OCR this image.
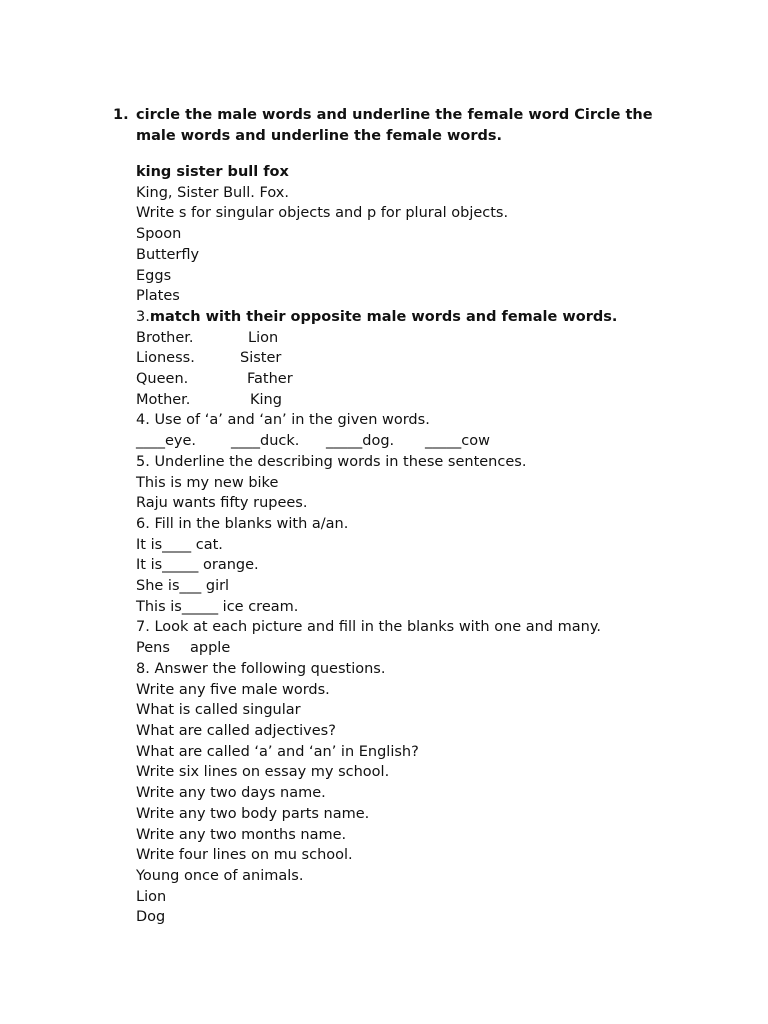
1. circle the male words and underline the female word Circle the male words and underline the female words.

king sister bull fox

King, Sister Bull. Fox.

Write s for singular objects and p for plural objects.

Spoon

Butterfly

Eggs

Plates

3.match with their opposite male words and female words.

Brother.	Lion

Lioness.	Sister

Queen.	Father

Mother.	King

4. Use of ‘a’ and ‘an’ in the given words.

____eye. ____duck. _____dog. _____cow

5. Underline the describing words in these sentences.

This is my new bike

Raju wants fifty rupees.

6. Fill in the blanks with a/an.

It is____ cat.

It is_____ orange.

She is___ girl

This is_____ ice cream.

7. Look at each picture and fill in the blanks with one and many.

Pens apple

8. Answer the following questions.

Write any five male words.

What is called singular

What are called adjectives?

What are called ‘a’ and ‘an’ in English?

Write six lines on essay my school.

Write any two days name.

Write any two body parts name.

Write any two months name.

Write four lines on mu school.

Young once of animals.

Lion

Dog
